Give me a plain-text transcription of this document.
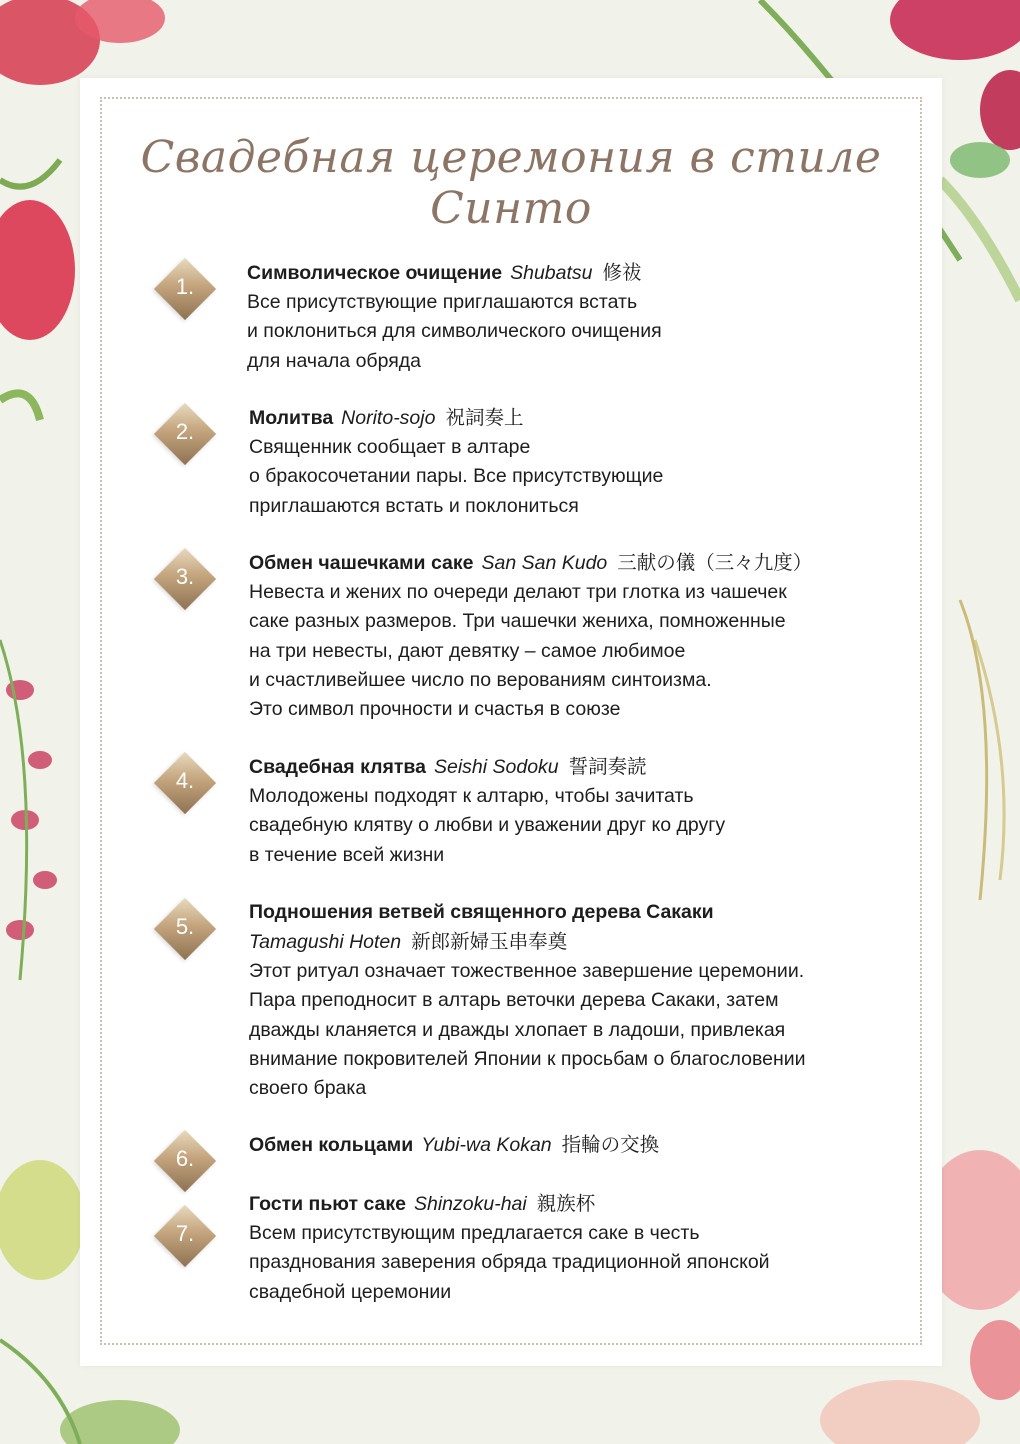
Свадебная церемония в стиле Синто
1.
Символическое очищение Shubatsu 修祓
Все присутствующие приглашаются встать
и поклониться для символического очищения
для начала обряда
2.
Молитва Norito-sojo 祝詞奏上
Священник сообщает в алтаре
о бракосочетании пары. Все присутствующие
приглашаются встать и поклониться
3.
Обмен чашечками саке San San Kudo 三献の儀（三々九度）
Невеста и жених по очереди делают три глотка из чашечек
саке разных размеров. Три чашечки жениха, помноженные
на три невесты, дают девятку – самое любимое
и счастливейшее число по верованиям синтоизма.
Это символ прочности и счастья в союзе
4.
Свадебная клятва Seishi Sodoku 誓詞奏読
Молодожены подходят к алтарю, чтобы зачитать
свадебную клятву о любви и уважении друг ко другу
в течение всей жизни
5.
Подношения ветвей священного дерева Сакаки
Tamagushi Hoten 新郎新婦玉串奉奠
Этот ритуал означает тожественное завершение церемонии.
Пара преподносит в алтарь веточки дерева Сакаки, затем
дважды кланяется и дважды хлопает в ладоши, привлекая
внимание покровителей Японии к просьбам о благословении
своего брака
6.
Обмен кольцами Yubi-wa Kokan 指輪の交換
7.
Гости пьют саке Shinzoku-hai 親族杯
Всем присутствующим предлагается саке в честь
празднования заверения обряда традиционной японской
свадебной церемонии
